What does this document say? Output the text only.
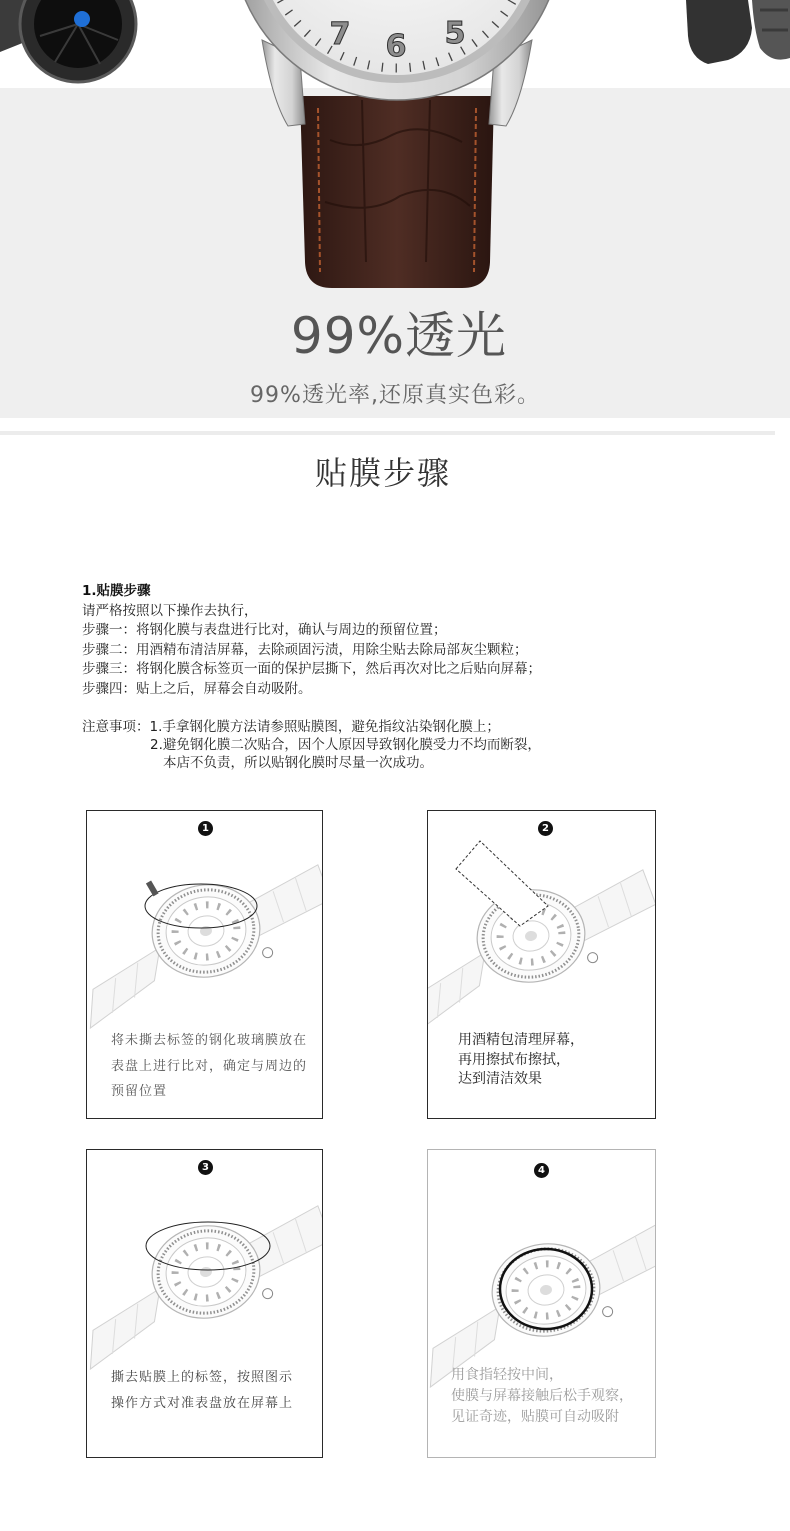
7 6 5
99%透光
99%透光率,还原真实色彩。
贴膜步骤
1.贴膜步骤
请严格按照以下操作去执行，
步骤一：将钢化膜与表盘进行比对，确认与周边的预留位置；
步骤二：用酒精布清洁屏幕，去除顽固污渍，用除尘贴去除局部灰尘颗粒；
步骤三：将钢化膜含标签页一面的保护层撕下，然后再次对比之后贴向屏幕；
步骤四：贴上之后，屏幕会自动吸附。
注意事项：1.手拿钢化膜方法请参照贴膜图，避免指纹沾染钢化膜上；
2.避免钢化膜二次贴合，因个人原因导致钢化膜受力不均而断裂，
本店不负责，所以贴钢化膜时尽量一次成功。
1
将未撕去标签的钢化玻璃膜放在
表盘上进行比对，确定与周边的
预留位置
2
用酒精包清理屏幕，
再用擦拭布擦拭，
达到清洁效果
3
撕去贴膜上的标签，按照图示
操作方式对准表盘放在屏幕上
4
用食指轻按中间，
使膜与屏幕接触后松手观察，
见证奇迹，贴膜可自动吸附
